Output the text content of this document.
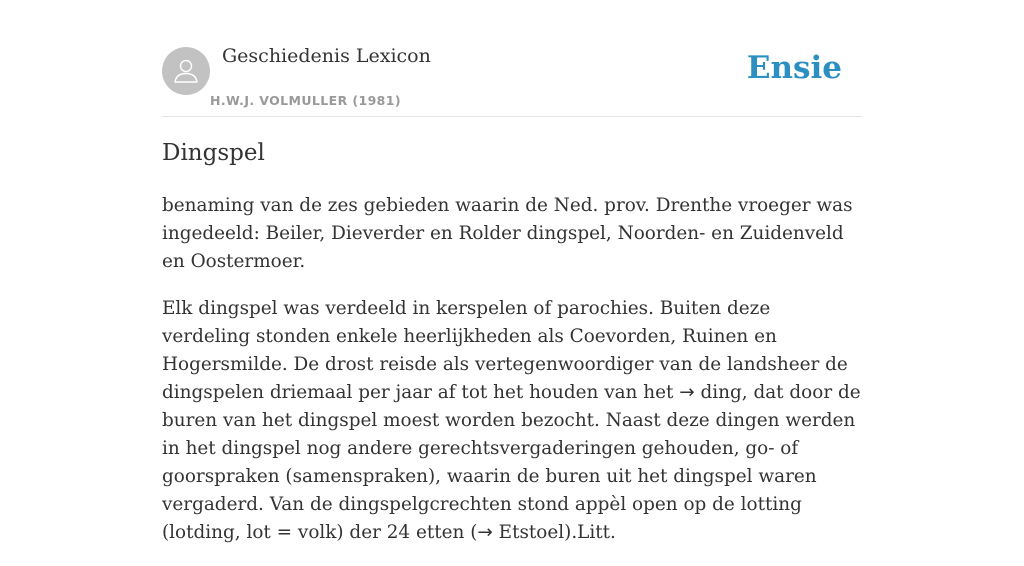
Geschiedenis Lexicon
H.W.J. VOLMULLER (1981)
Ensie
Dingspel

benaming van de zes gebieden waarin de Ned. prov. Drenthe vroeger was ingedeeld: Beiler, Dieverder en Rolder dingspel, Noorden- en Zuidenveld en Oostermoer.

Elk dingspel was verdeeld in kerspelen of parochies. Buiten deze verdeling stonden enkele heerlijkheden als Coevorden, Ruinen en Hogersmilde. De drost reisde als vertegenwoordiger van de landsheer de dingspelen driemaal per jaar af tot het houden van het → ding, dat door de buren van het dingspel moest worden bezocht. Naast deze dingen werden in het dingspel nog andere gerechtsvergaderingen gehouden, go- of goorspraken (samenspraken), waarin de buren uit het dingspel waren vergaderd. Van de dingspelgcrechten stond appèl open op de lotting (lotding, lot = volk) der 24 etten (→ Etstoel).Litt.
